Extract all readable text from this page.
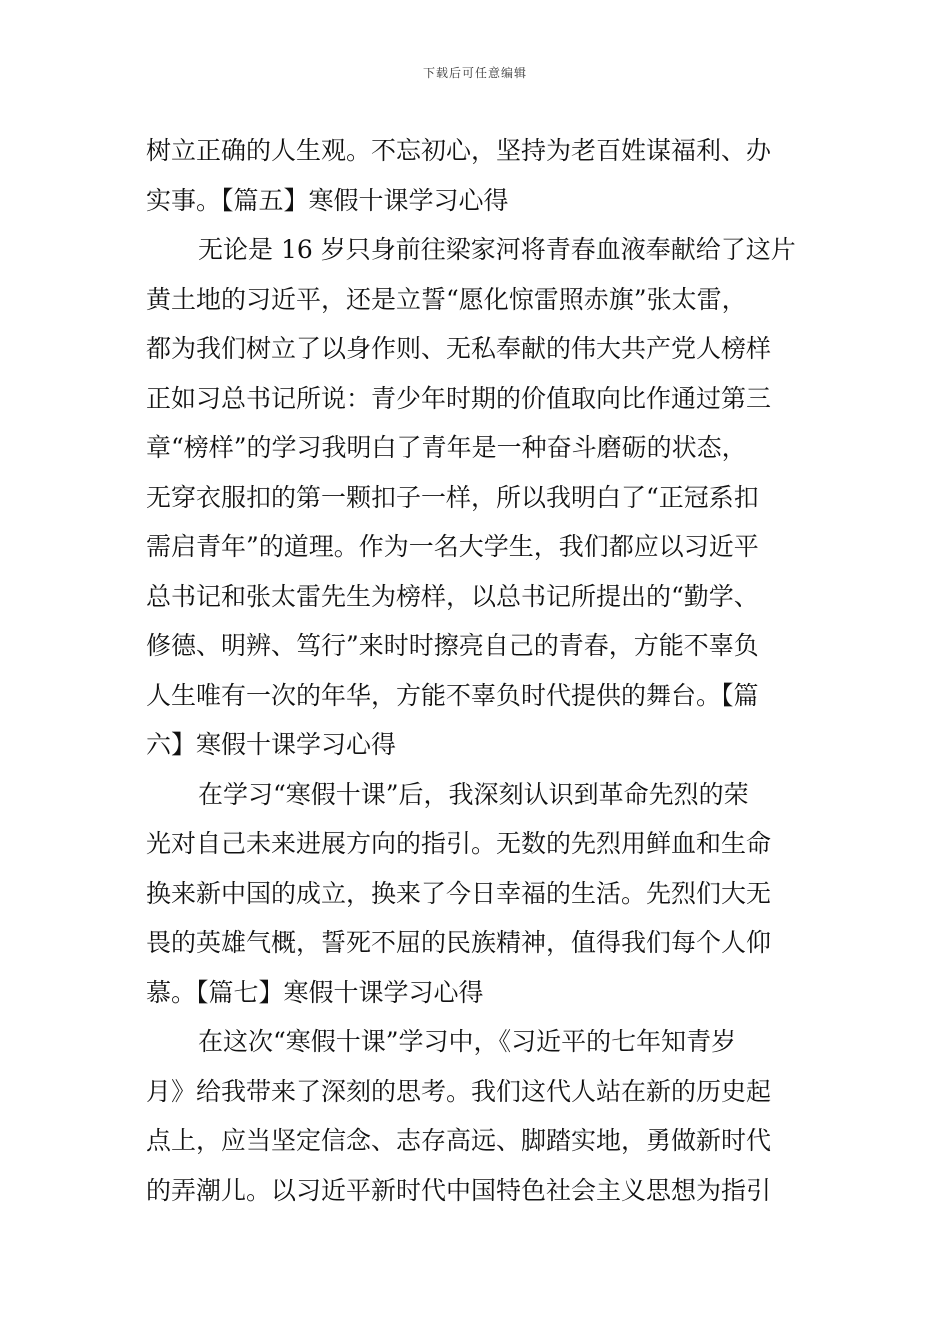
下载后可任意编辑
树立正确的人生观。不忘初心，坚持为老百姓谋福利、办
实事。【篇五】寒假十课学习心得
无论是 16 岁只身前往梁家河将青春血液奉献给了这片
黄土地的习近平，还是立誓“愿化惊雷照赤旗”张太雷，
都为我们树立了以身作则、无私奉献的伟大共产党人榜样
正如习总书记所说：青少年时期的价值取向比作通过第三
章“榜样”的学习我明白了青年是一种奋斗磨砺的状态，
无穿衣服扣的第一颗扣子一样，所以我明白了“正冠系扣
需启青年”的道理。作为一名大学生，我们都应以习近平
总书记和张太雷先生为榜样，以总书记所提出的“勤学、
修德、明辨、笃行”来时时擦亮自己的青春，方能不辜负
人生唯有一次的年华，方能不辜负时代提供的舞台。【篇
六】寒假十课学习心得
在学习“寒假十课”后，我深刻认识到革命先烈的荣
光对自己未来进展方向的指引。无数的先烈用鲜血和生命
换来新中国的成立，换来了今日幸福的生活。先烈们大无
畏的英雄气概，誓死不屈的民族精神，值得我们每个人仰
慕。【篇七】寒假十课学习心得
在这次“寒假十课”学习中，《习近平的七年知青岁
月》给我带来了深刻的思考。我们这代人站在新的历史起
点上，应当坚定信念、志存高远、脚踏实地，勇做新时代
的弄潮儿。以习近平新时代中国特色社会主义思想为指引
